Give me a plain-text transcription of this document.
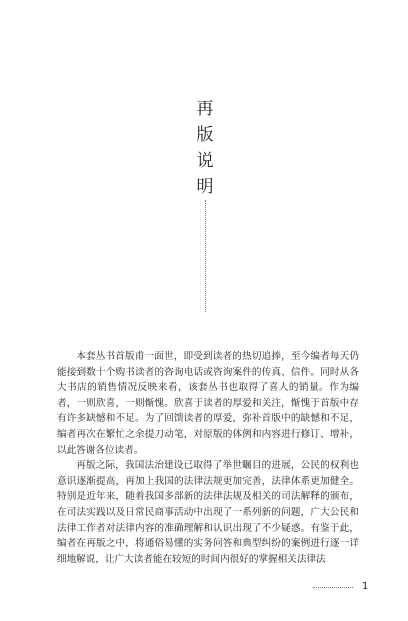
再
版
说
明

本套丛书首版甫一面世，即受到读者的热切追捧，至今编者每天仍能接到数十个购书读者的咨询电话或咨询案件的传真、信件。同时从各大书店的销售情况反映来看，该套丛书也取得了喜人的销量。作为编者，一则欣喜，一则惭愧。欣喜于读者的厚爱和关注，惭愧于首版中存有许多缺憾和不足。为了回馈读者的厚爱，弥补首版中的缺憾和不足，编者再次在繁忙之余提刀动笔，对原版的体例和内容进行修订、增补，以此答谢各位读者。

再版之际，我国法治建设已取得了举世瞩目的进展，公民的权利也意识逐渐提高，再加上我国的法律法规更加完善，法律体系更加健全。特别是近年来，随着我国多部新的法律法规及相关的司法解释的颁布，在司法实践以及日常民商事活动中出现了一系列新的问题，广大公民和法律工作者对法律内容的准确理解和认识出现了不少疑惑。有鉴于此，编者在再版之中，将通俗易懂的实务问答和典型纠纷的案例进行逐一详细地解说，让广大读者能在较短的时间内很好的掌握相关法律法

1
